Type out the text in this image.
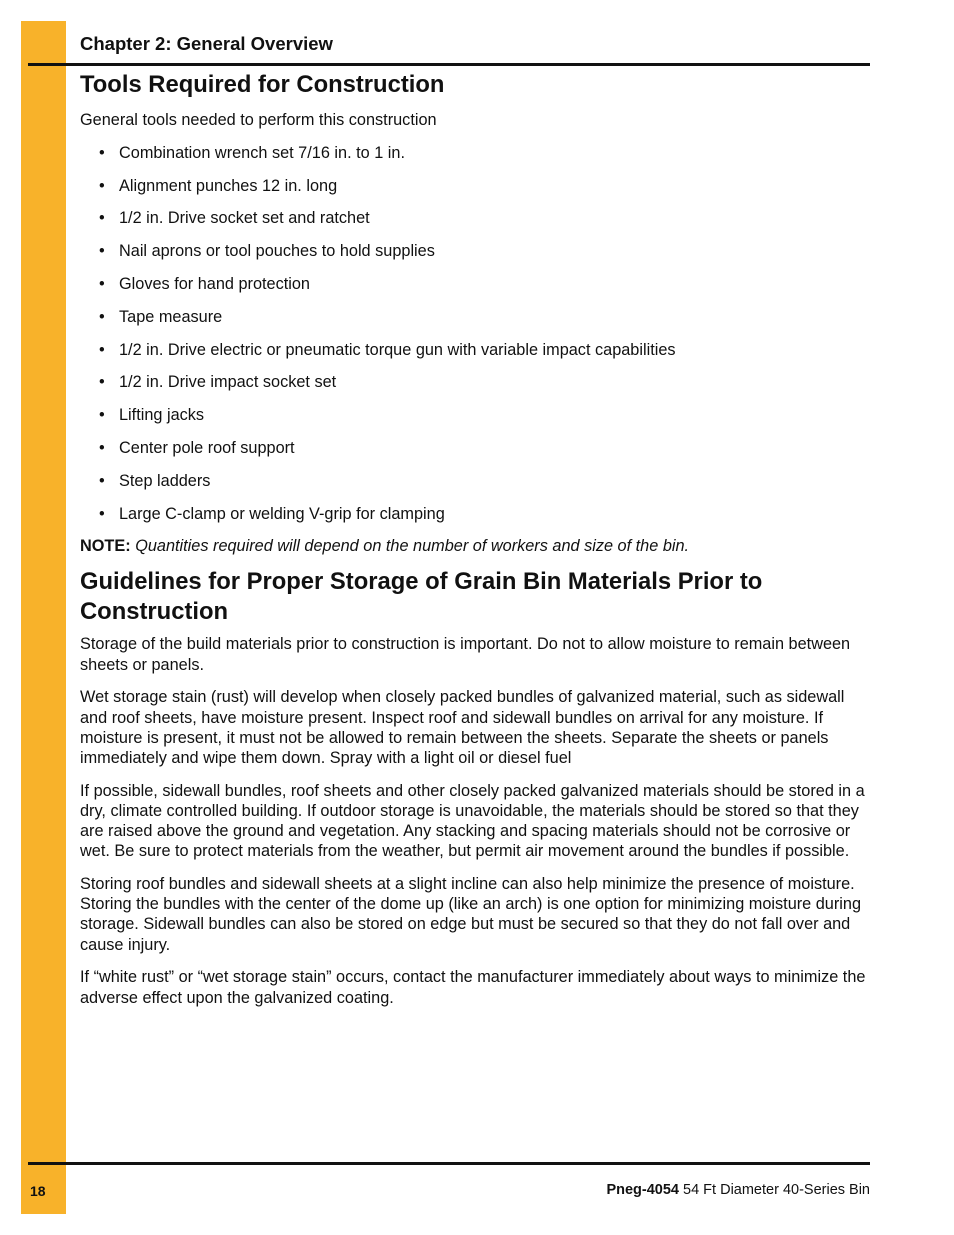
Chapter 2: General Overview
Tools Required for Construction

General tools needed to perform this construction

• Combination wrench set 7/16 in. to 1 in.
• Alignment punches 12 in. long
• 1/2 in. Drive socket set and ratchet
• Nail aprons or tool pouches to hold supplies
• Gloves for hand protection
• Tape measure
• 1/2 in. Drive electric or pneumatic torque gun with variable impact capabilities
• 1/2 in. Drive impact socket set
• Lifting jacks
• Center pole roof support
• Step ladders
• Large C-clamp or welding V-grip for clamping

NOTE: Quantities required will depend on the number of workers and size of the bin.

Guidelines for Proper Storage of Grain Bin Materials Prior to Construction

Storage of the build materials prior to construction is important. Do not to allow moisture to remain between sheets or panels.

Wet storage stain (rust) will develop when closely packed bundles of galvanized material, such as sidewall and roof sheets, have moisture present. Inspect roof and sidewall bundles on arrival for any moisture. If moisture is present, it must not be allowed to remain between the sheets. Separate the sheets or panels immediately and wipe them down. Spray with a light oil or diesel fuel

If possible, sidewall bundles, roof sheets and other closely packed galvanized materials should be stored in a dry, climate controlled building. If outdoor storage is unavoidable, the materials should be stored so that they are raised above the ground and vegetation. Any stacking and spacing materials should not be corrosive or wet. Be sure to protect materials from the weather, but permit air movement around the bundles if possible.

Storing roof bundles and sidewall sheets at a slight incline can also help minimize the presence of moisture. Storing the bundles with the center of the dome up (like an arch) is one option for minimizing moisture during storage. Sidewall bundles can also be stored on edge but must be secured so that they do not fall over and cause injury.

If “white rust” or “wet storage stain” occurs, contact the manufacturer immediately about ways to minimize the adverse effect upon the galvanized coating.

18	Pneg-4054 54 Ft Diameter 40-Series Bin
